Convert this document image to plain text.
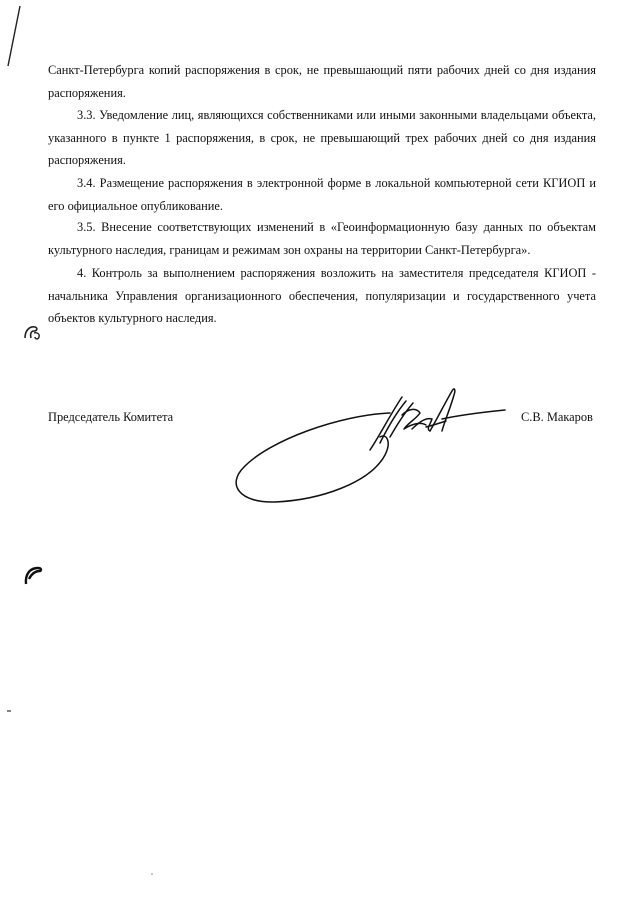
Санкт-Петербурга копий распоряжения в срок, не превышающий пяти рабочих дней со дня издания распоряжения.

3.3. Уведомление лиц, являющихся собственниками или иными законными владельцами объекта, указанного в пункте 1 распоряжения, в срок, не превышающий трех рабочих дней со дня издания распоряжения.

3.4. Размещение распоряжения в электронной форме в локальной компьютерной сети КГИОП и его официальное опубликование.

3.5. Внесение соответствующих изменений в «Геоинформационную базу данных по объектам культурного наследия, границам и режимам зон охраны на территории Санкт-Петербурга».

4. Контроль за выполнением распоряжения возложить на заместителя председателя КГИОП - начальника Управления организационного обеспечения, популяризации и государственного учета объектов культурного наследия.

Председатель Комитета	С.В. Макаров
